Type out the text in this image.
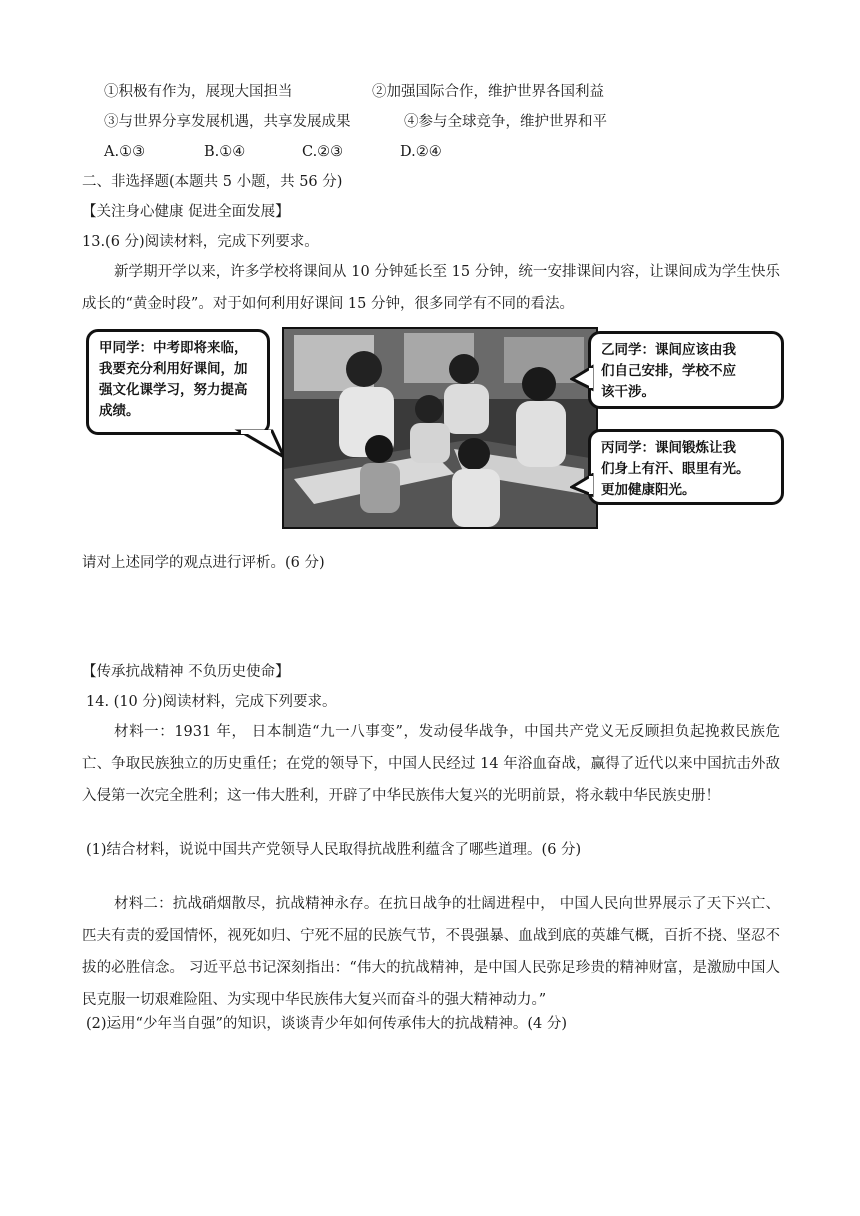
①积极有作为，展现大国担当	②加强国际合作，维护世界各国利益
③与世界分享发展机遇，共享发展成果	④参与全球竞争，维护世界和平
A.①③	B.①④	C.②③	D.②④
二、非选择题(本题共 5 小题，共 56 分)
【关注身心健康 促进全面发展】
13.(6 分)阅读材料，完成下列要求。
新学期开学以来，许多学校将课间从 10 分钟延长至 15 分钟，统一安排课间内容，让课间成为学生快乐成长的“黄金时段”。对于如何利用好课间 15 分钟，很多同学有不同的看法。
甲同学：中考即将来临，
我要充分利用好课间，加
强文化课学习，努力提高
成绩。
乙同学：课间应该由我
们自己安排，学校不应
该干涉。
丙同学：课间锻炼让我
们身上有汗、眼里有光。
更加健康阳光。
请对上述同学的观点进行评析。(6 分)
【传承抗战精神 不负历史使命】
14. (10 分)阅读材料，完成下列要求。
材料一：1931 年， 日本制造“九一八事变”，发动侵华战争，中国共产党义无反顾担负起挽救民族危亡、争取民族独立的历史重任；在党的领导下，中国人民经过 14 年浴血奋战，赢得了近代以来中国抗击外敌入侵第一次完全胜利；这一伟大胜利，开辟了中华民族伟大复兴的光明前景，将永载中华民族史册！
(1)结合材料，说说中国共产党领导人民取得抗战胜利蕴含了哪些道理。(6 分)
材料二：抗战硝烟散尽，抗战精神永存。在抗日战争的壮阔进程中， 中国人民向世界展示了天下兴亡、 匹夫有责的爱国情怀，视死如归、宁死不屈的民族气节，不畏强暴、血战到底的英雄气概，百折不挠、坚忍不拔的必胜信念。 习近平总书记深刻指出：“伟大的抗战精神，是中国人民弥足珍贵的精神财富，是激励中国人民克服一切艰难险阻、为实现中华民族伟大复兴而奋斗的强大精神动力。”
(2)运用“少年当自强”的知识，谈谈青少年如何传承伟大的抗战精神。(4 分)
